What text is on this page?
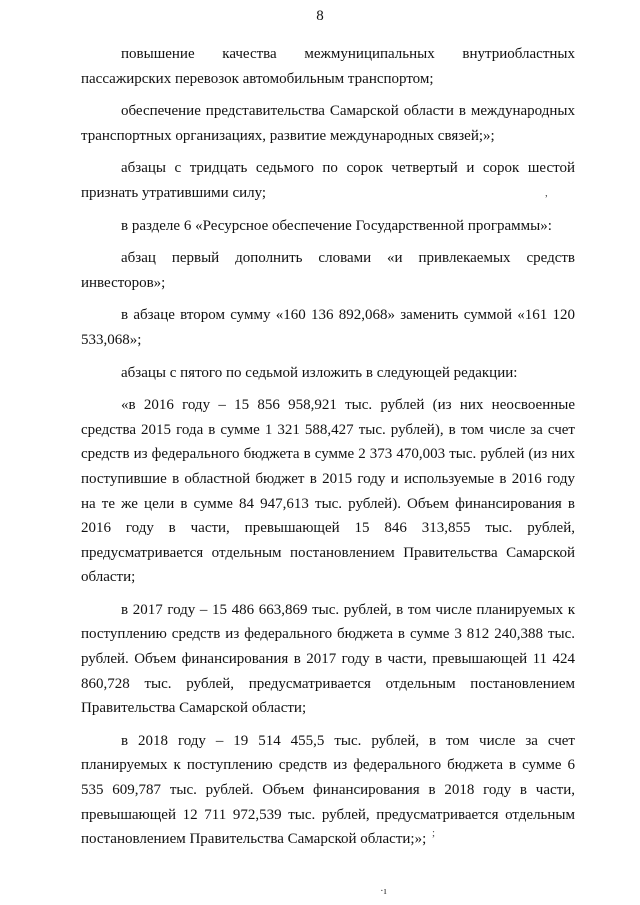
8

повышение качества межмуниципальных внутриобластных пассажирских перевозок автомобильным транспортом;

обеспечение представительства Самарской области в международных транспортных организациях, развитие международных связей;»;

абзацы с тридцать седьмого по сорок четвертый и сорок шестой признать утратившими силу;

в разделе 6 «Ресурсное обеспечение Государственной программы»:

абзац первый дополнить словами «и привлекаемых средств инвесторов»;

в абзаце втором сумму «160 136 892,068» заменить суммой «161 120 533,068»;

абзацы с пятого по седьмой изложить в следующей редакции:

«в 2016 году – 15 856 958,921 тыс. рублей (из них неосвоенные средства 2015 года в сумме 1 321 588,427 тыс. рублей), в том числе за счет средств из федерального бюджета в сумме 2 373 470,003 тыс. рублей (из них поступившие в областной бюджет в 2015 году и используемые в 2016 году на те же цели в сумме 84 947,613 тыс. рублей). Объем финансирования в 2016 году в части, превышающей 15 846 313,855 тыс. рублей, предусматривается отдельным постановлением Правительства Самарской области;

в 2017 году – 15 486 663,869 тыс. рублей, в том числе планируемых к поступлению средств из федерального бюджета в сумме 3 812 240,388 тыс. рублей. Объем финансирования в 2017 году в части, превышающей 11 424 860,728 тыс. рублей, предусматривается отдельным постановлением Правительства Самарской области;

в 2018 году – 19 514 455,5 тыс. рублей, в том числе за счет планируемых к поступлению средств из федерального бюджета в сумме 6 535 609,787 тыс. рублей. Объем финансирования в 2018 году в части, превышающей 12 711 972,539 тыс. рублей, предусматривается отдельным постановлением Правительства Самарской области;»;

,
;
·ı
